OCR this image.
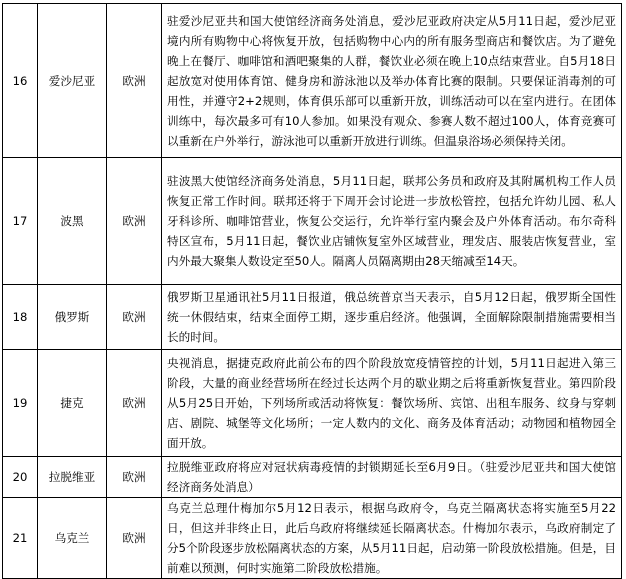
16	爱沙尼亚	欧洲	驻爱沙尼亚共和国大使馆经济商务处消息，爱沙尼亚政府决定从5月11日起，爱沙尼亚境内所有购物中心将恢复开放，包括购物中心内的所有服务型商店和餐饮店。为了避免晚上在餐厅、咖啡馆和酒吧聚集的人群，餐饮业必须在晚上10点结束营业。自5月18日起放宽对使用体育馆、健身房和游泳池以及举办体育比赛的限制。只要保证消毒剂的可用性，并遵守2+2规则，体育俱乐部可以重新开放，训练活动可以在室内进行。在团体训练中，每次最多可有10人参加。如果没有观众、参赛人数不超过100人，体育竞赛可以重新在户外举行，游泳池可以重新开放进行训练。但温泉浴场必须保持关闭。
17	波黑	欧洲	驻波黑大使馆经济商务处消息，5月11日起，联邦公务员和政府及其附属机构工作人员恢复正常工作时间。联邦还将于下周开会讨论进一步放松管控，包括允许幼儿园、私人牙科诊所、咖啡馆营业，恢复公交运行，允许举行室内聚会及户外体育活动。布尔奇科特区宣布，5月11日起，餐饮业店铺恢复室外区域营业，理发店、服装店恢复营业，室内外最大聚集人数设定至50人。隔离人员隔离期由28天缩减至14天。
18	俄罗斯	欧洲	俄罗斯卫星通讯社5月11日报道，俄总统普京当天表示，自5月12日起，俄罗斯全国性统一休假结束，结束全面停工期，逐步重启经济。他强调，全面解除限制措施需要相当长的时间。
19	捷克	欧洲	央视消息，据捷克政府此前公布的四个阶段放宽疫情管控的计划，5月11日起进入第三阶段，大量的商业经营场所在经过长达两个月的歇业期之后将重新恢复营业。第四阶段从5月25日开始，下列场所或活动将恢复：餐饮场所、宾馆、出租车服务、纹身与穿刺店、剧院、城堡等文化场所；一定人数内的文化、商务及体育活动；动物园和植物园全面开放。
20	拉脱维亚	欧洲	拉脱维亚政府将应对冠状病毒疫情的封锁期延长至6月9日。（驻爱沙尼亚共和国大使馆经济商务处消息）
21	乌克兰	欧洲	乌克兰总理什梅加尔5月12日表示，根据乌政府令，乌克兰隔离状态将实施至5月22日，但这并非终止日，此后乌政府将继续延长隔离状态。什梅加尔表示，乌政府制定了分5个阶段逐步放松隔离状态的方案，从5月11日起，启动第一阶段放松措施。但是，目前难以预测，何时实施第二阶段放松措施。
